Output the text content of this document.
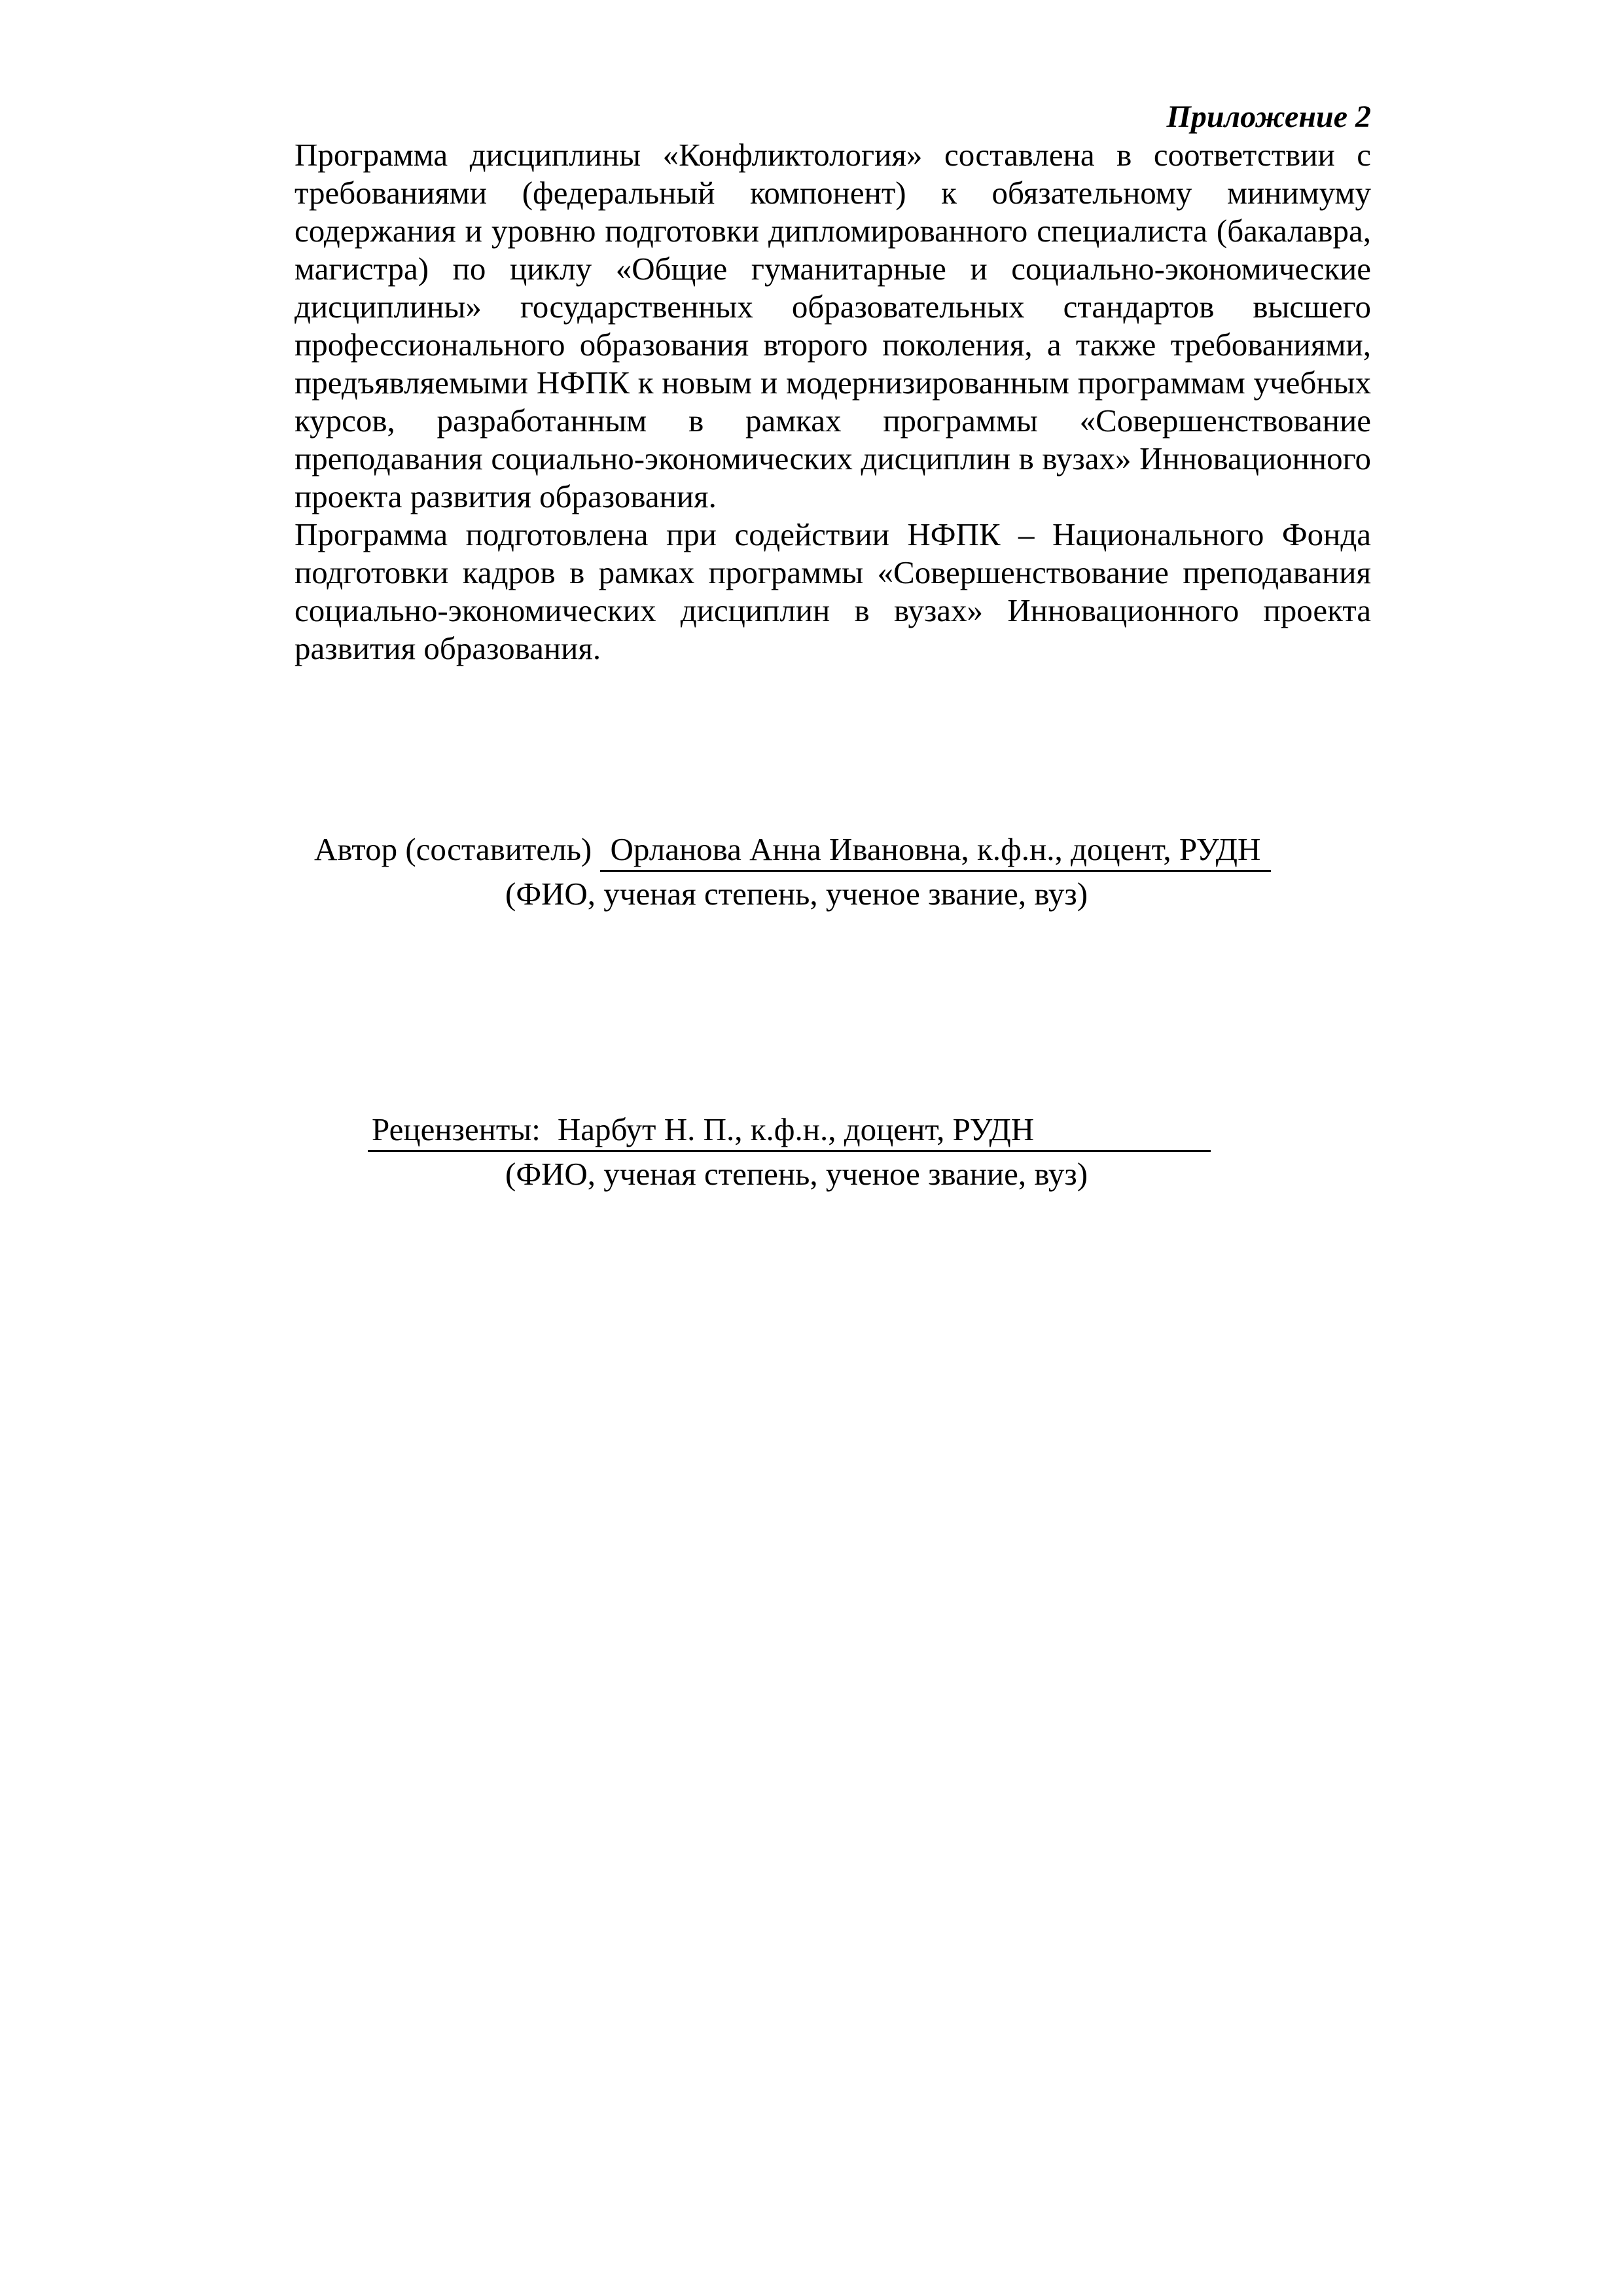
Приложение 2

Программа дисциплины «Конфликтология» составлена в соответствии с требованиями (федеральный компонент) к обязательному минимуму содержания и уровню подготовки дипломированного специалиста (бакалавра, магистра) по циклу «Общие гуманитарные и социально-экономические дисциплины» государственных образовательных стандартов высшего профессионального образования второго поколения, а также требованиями, предъявляемыми НФПК к новым и модернизированным программам учебных курсов, разработанным в рамках программы «Совершенствование преподавания социально-экономических дисциплин в вузах» Инновационного проекта развития образования.

Программа подготовлена при содействии НФПК – Национального Фонда подготовки кадров в рамках программы «Совершенствование преподавания социально-экономических дисциплин в вузах» Инновационного проекта развития образования.

Автор (составитель) Орланова Анна Ивановна, к.ф.н., доцент, РУДН
(ФИО, ученая степень, ученое звание, вуз)
Рецензенты: Нарбут Н. П., к.ф.н., доцент, РУДН
(ФИО, ученая степень, ученое звание, вуз)
